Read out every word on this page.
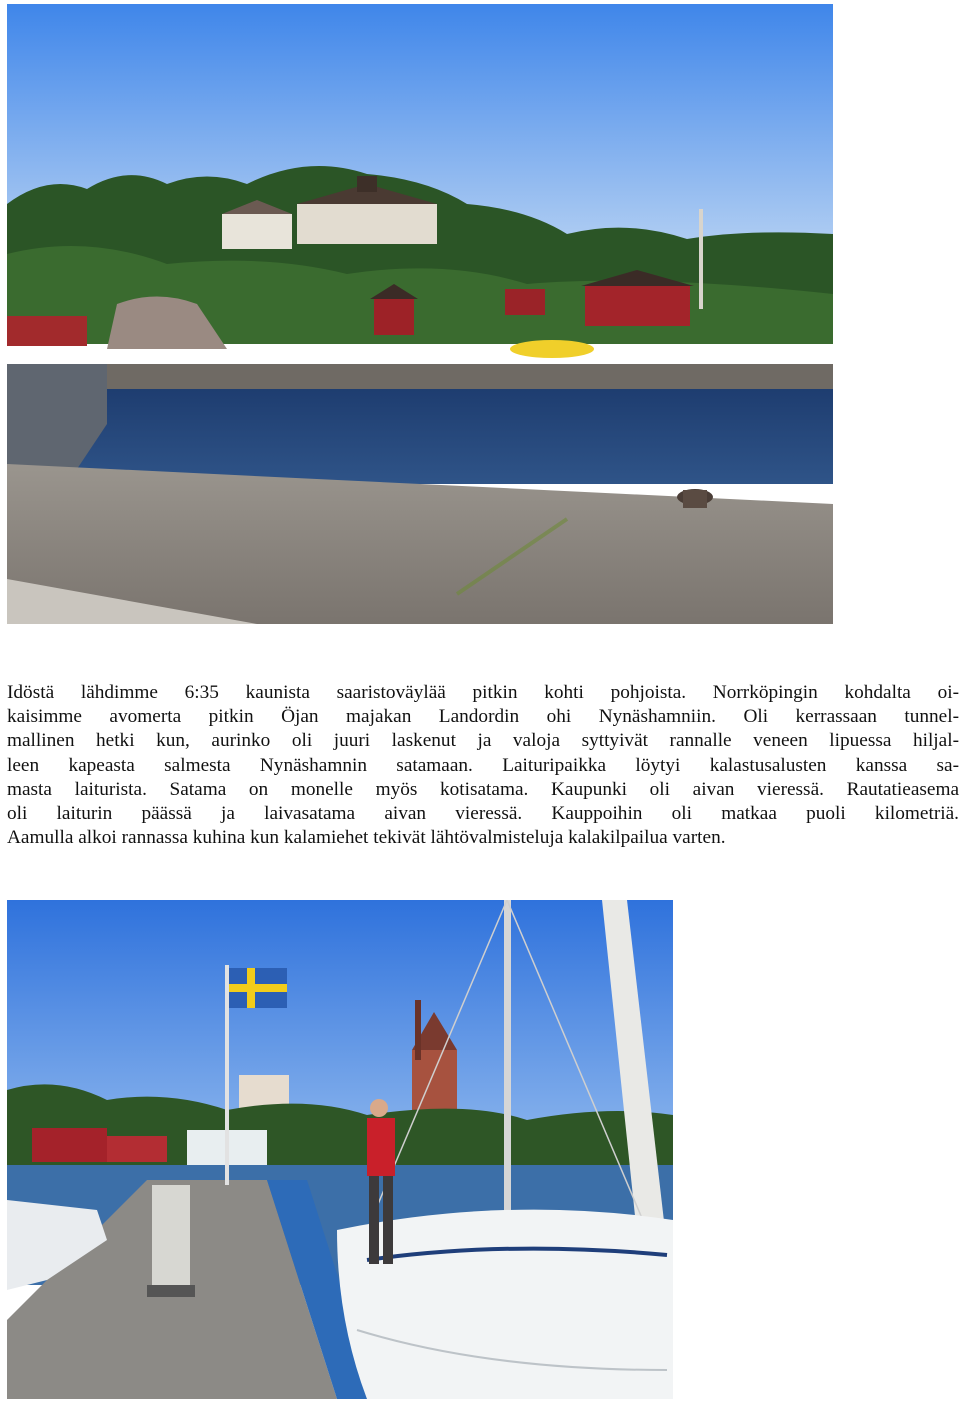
Idöstä lähdimme 6:35 kaunista saaristoväylää pitkin kohti pohjoista. Norrköpingin kohdalta oi-
kaisimme avomerta pitkin Öjan majakan Landordin ohi Nynäshamniin. Oli kerrassaan tunnel-
mallinen hetki kun, aurinko oli juuri laskenut ja valoja syttyivät rannalle veneen lipuessa hiljal-
leen kapeasta salmesta Nynäshamnin satamaan. Laituripaikka löytyi kalastusalusten kanssa sa-
masta laiturista. Satama on monelle myös kotisatama. Kaupunki oli aivan vieressä. Rautatieasema
oli laiturin päässä ja laivasatama aivan vieressä. Kauppoihin oli matkaa puoli kilometriä.
Aamulla alkoi rannassa kuhina kun kalamiehet tekivät lähtövalmisteluja kalakilpailua varten.
